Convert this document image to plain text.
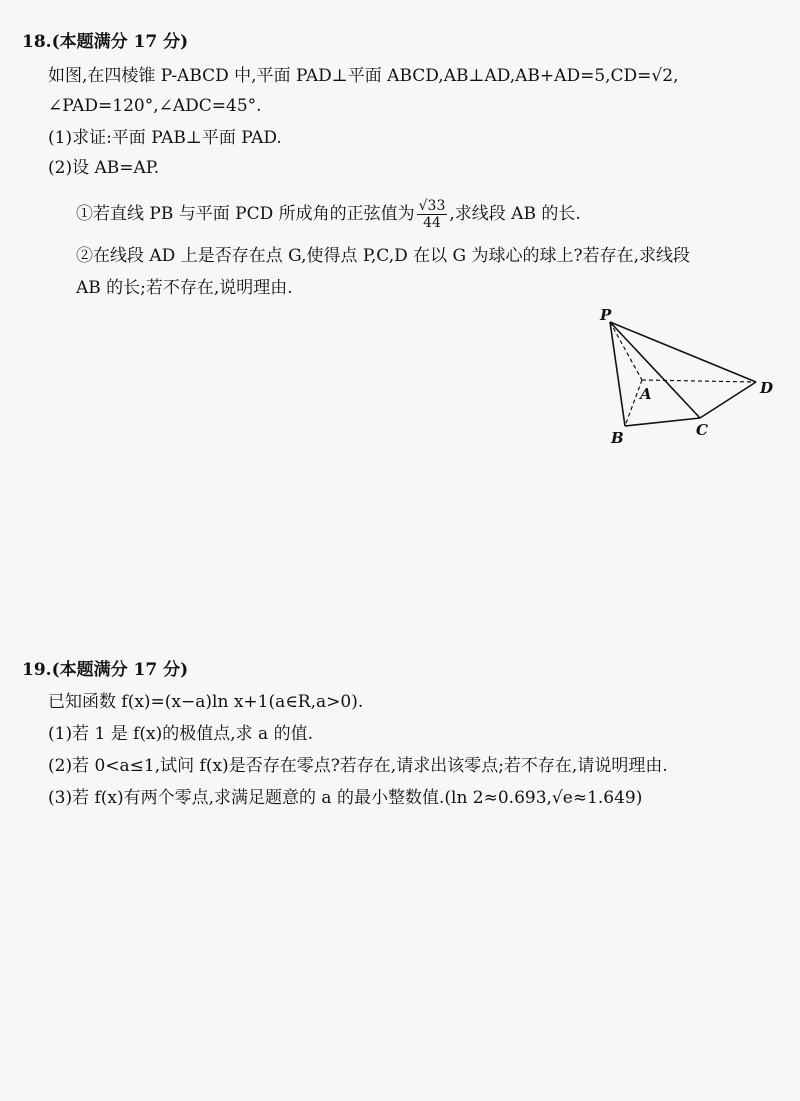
18.(本题满分 17 分)
如图,在四棱锥 P-ABCD 中,平面 PAD⊥平面 ABCD,AB⊥AD,AB+AD=5,CD=√2,
∠PAD=120°,∠ADC=45°.
(1)求证:平面 PAB⊥平面 PAD.
(2)设 AB=AP.
①若直线 PB 与平面 PCD 所成角的正弦值为 $\frac{√33}{44}$ ,求线段 AB 的长.
②在线段 AD 上是否存在点 G,使得点 P,C,D 在以 G 为球心的球上?若存在,求线段
AB 的长;若不存在,说明理由.
P
A
B	C
D
19.(本题满分 17 分)
已知函数 f(x)=(x−a)ln x+1(a∈R,a>0).
(1)若 1 是 f(x)的极值点,求 a 的值.
(2)若 0<a≤1,试问 f(x)是否存在零点?若存在,请求出该零点;若不存在,请说明理由.
(3)若 f(x)有两个零点,求满足题意的 a 的最小整数值.(ln 2≈0.693,√e≈1.649)
